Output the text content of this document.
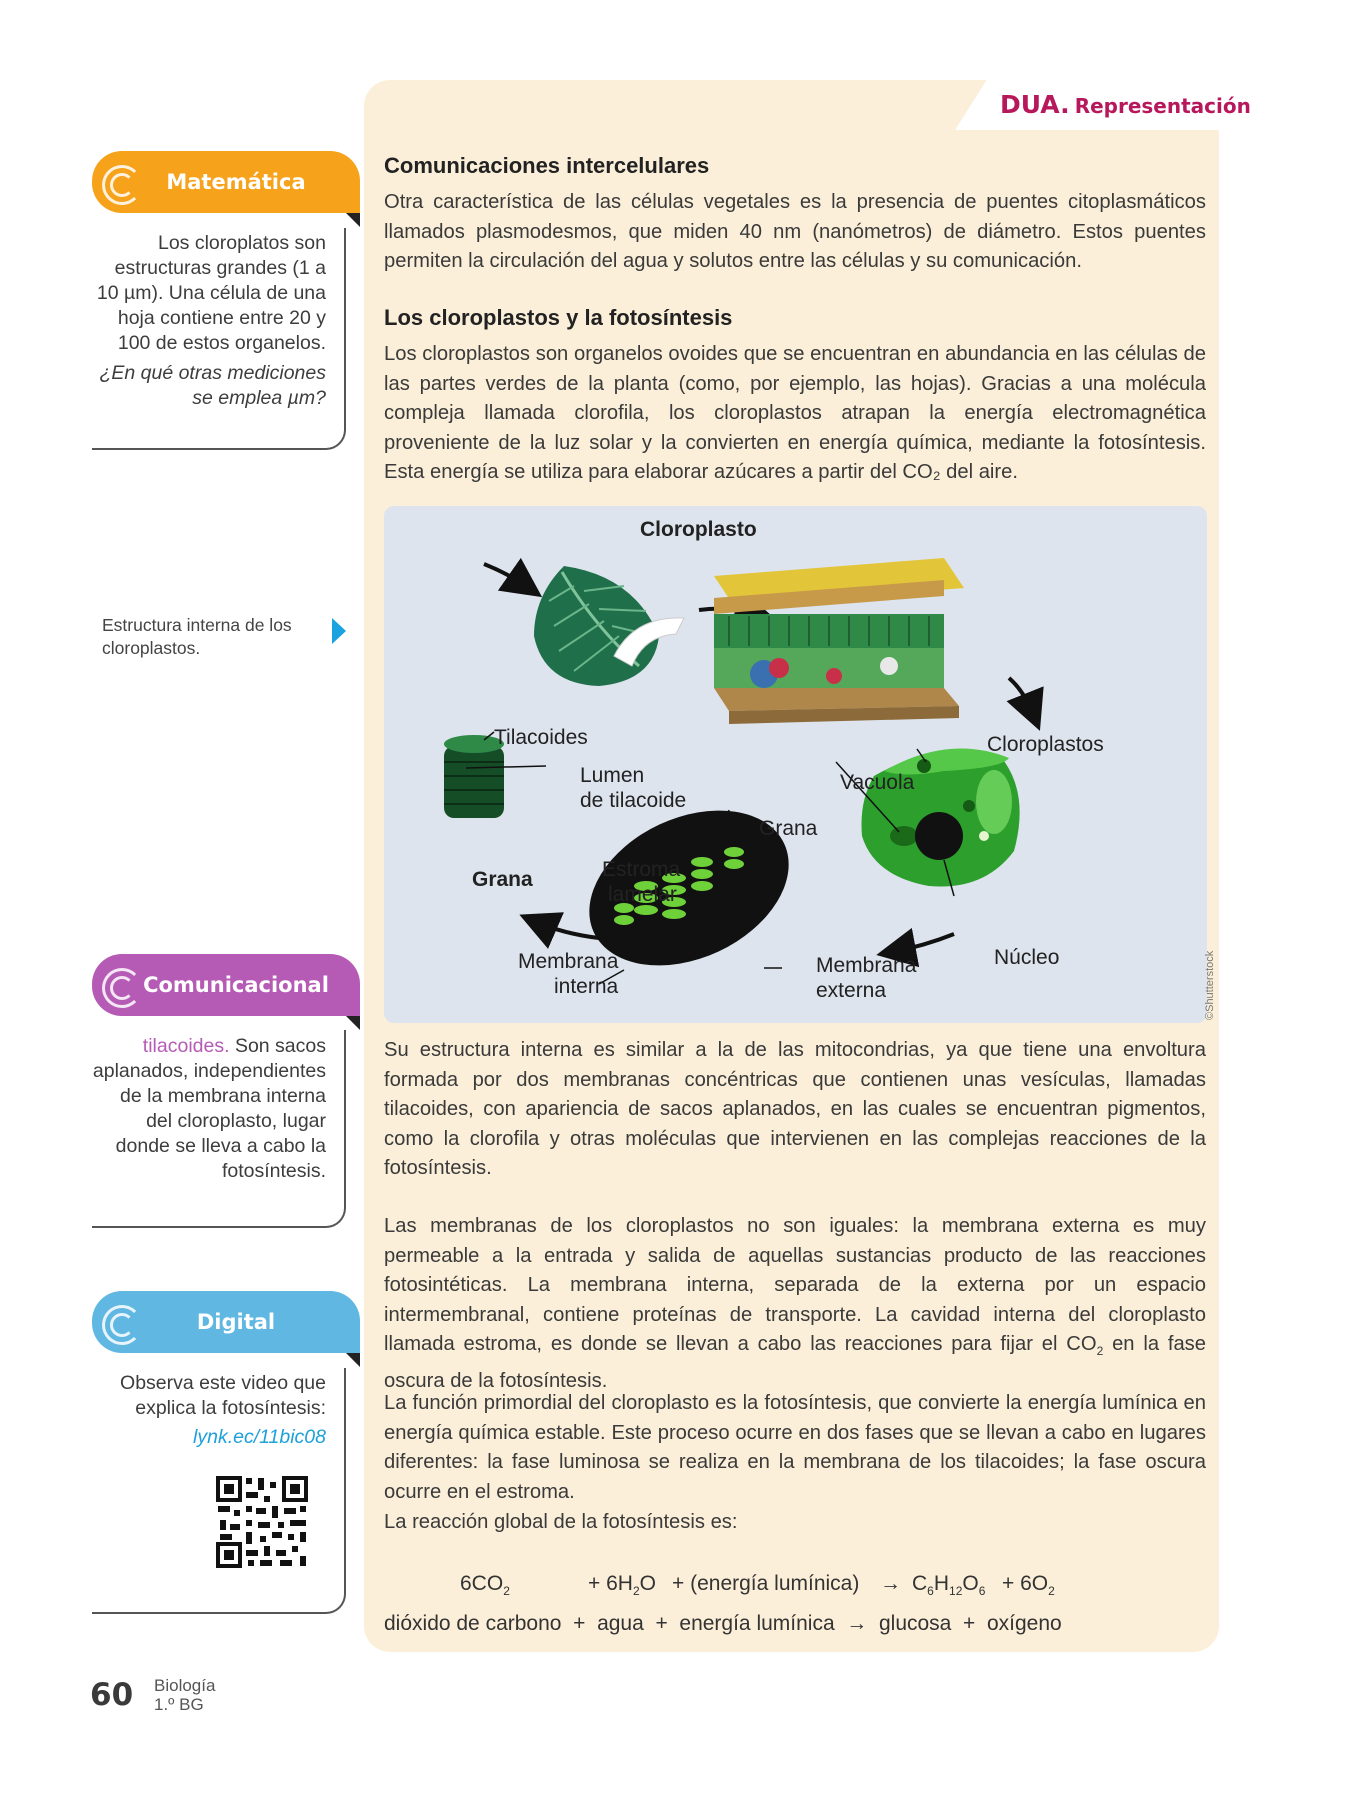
DUA. Representación
Matemática
Los cloroplatos son estructuras grandes (1 a 10 µm). Una célula de una hoja contiene entre 20 y 100 de estos organelos.
¿En qué otras mediciones se emplea µm?
Estructura interna de los cloroplastos.
Comunicacional
tilacoides. Son sacos aplanados, independientes de la membrana interna del cloroplasto, lugar donde se lleva a cabo la fotosíntesis.
Digital
Observa este video que explica la fotosíntesis:
lynk.ec/11bic08
Comunicaciones intercelulares
Otra característica de las células vegetales es la presencia de puentes citoplasmáticos llamados plasmodesmos, que miden 40 nm (nanómetros) de diámetro. Estos puentes permiten la circulación del agua y solutos entre las células y su comunicación.
Los cloroplastos y la fotosíntesis
Los cloroplastos son organelos ovoides que se encuentran en abundancia en las células de las partes verdes de la planta (como, por ejemplo, las hojas). Gracias a una molécula compleja llamada clorofila, los cloroplastos atrapan la energía electromagnética proveniente de la luz solar y la convierten en energía química, mediante la fotosíntesis. Esta energía se utiliza para elaborar azúcares a partir del CO₂ del aire.
Cloroplasto
Tilacoides
Lumen
de tilacoide
Grana
Grana
Estroma
lamelar
Membrana
interna
Membrana
externa
Vacuola
Cloroplastos
Núcleo	©Shutterstock
Su estructura interna es similar a la de las mitocondrias, ya que tiene una envoltura formada por dos membranas concéntricas que contienen unas vesículas, llamadas tilacoides, con apariencia de sacos aplanados, en las cuales se encuentran pigmentos, como la clorofila y otras moléculas que intervienen en las complejas reacciones de la fotosíntesis.
Las membranas de los cloroplastos no son iguales: la membrana externa es muy permeable a la entrada y salida de aquellas sustancias producto de las reacciones fotosintéticas. La membrana interna, separada de la externa por un espacio intermembranal, contiene proteínas de transporte. La cavidad interna del cloroplasto llamada estroma, es donde se llevan a cabo las reacciones para fijar el $CO_2$ en la fase oscura de la fotosíntesis.
La función primordial del cloroplasto es la fotosíntesis, que convierte la energía lumínica en energía química estable. Este proceso ocurre en dos fases que se llevan a cabo en lugares diferentes: la fase luminosa se realiza en la membrana de los tilacoides; la fase oscura ocurre en el estroma.
La reacción global de la fotosíntesis es:
$6CO_2$	+ $6H_2O$ + (energía lumínica) → $C_6H_{12}O_6 + 6O_2$
dióxido de carbono  +  agua  +  energía lumínica  →  glucosa  +  oxígeno
60 Biología
1.º BG
